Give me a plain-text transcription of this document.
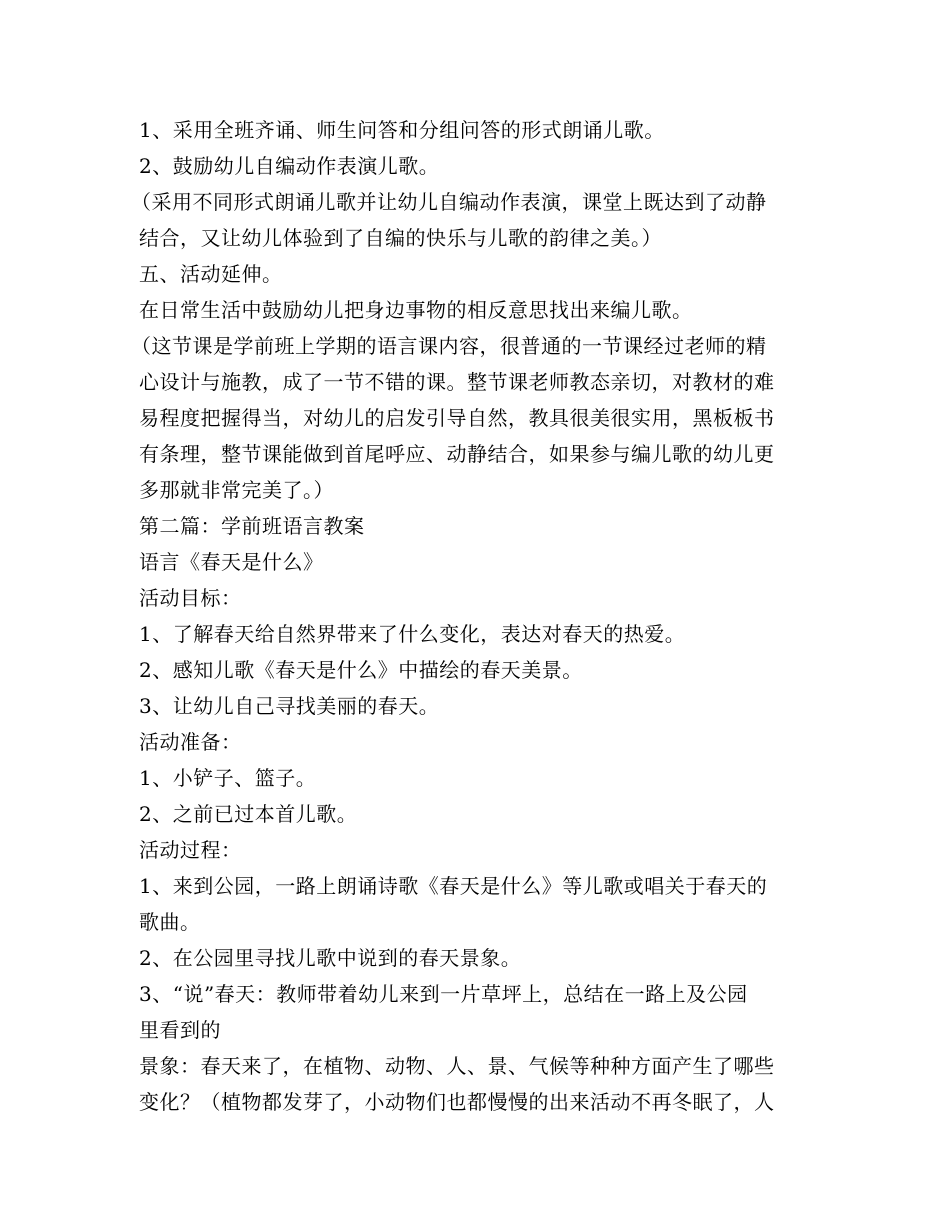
1、采用全班齐诵、师生问答和分组问答的形式朗诵儿歌。
2、鼓励幼儿自编动作表演儿歌。
（采用不同形式朗诵儿歌并让幼儿自编动作表演，课堂上既达到了动静
结合，又让幼儿体验到了自编的快乐与儿歌的韵律之美。）
五、活动延伸。
在日常生活中鼓励幼儿把身边事物的相反意思找出来编儿歌。
（这节课是学前班上学期的语言课内容，很普通的一节课经过老师的精
心设计与施教，成了一节不错的课。整节课老师教态亲切，对教材的难
易程度把握得当，对幼儿的启发引导自然，教具很美很实用，黑板板书
有条理，整节课能做到首尾呼应、动静结合，如果参与编儿歌的幼儿更
多那就非常完美了。）
第二篇：学前班语言教案
语言《春天是什么》
活动目标：
1、了解春天给自然界带来了什么变化，表达对春天的热爱。
2、感知儿歌《春天是什么》中描绘的春天美景。
3、让幼儿自己寻找美丽的春天。
活动准备：
1、小铲子、篮子。
2、之前已过本首儿歌。
活动过程：
1、来到公园，一路上朗诵诗歌《春天是什么》等儿歌或唱关于春天的
歌曲。
2、在公园里寻找儿歌中说到的春天景象。
3、“说”春天：教师带着幼儿来到一片草坪上，总结在一路上及公园
里看到的
景象：春天来了，在植物、动物、人、景、气候等种种方面产生了哪些
变化？（植物都发芽了，小动物们也都慢慢的出来活动不再冬眠了，人
